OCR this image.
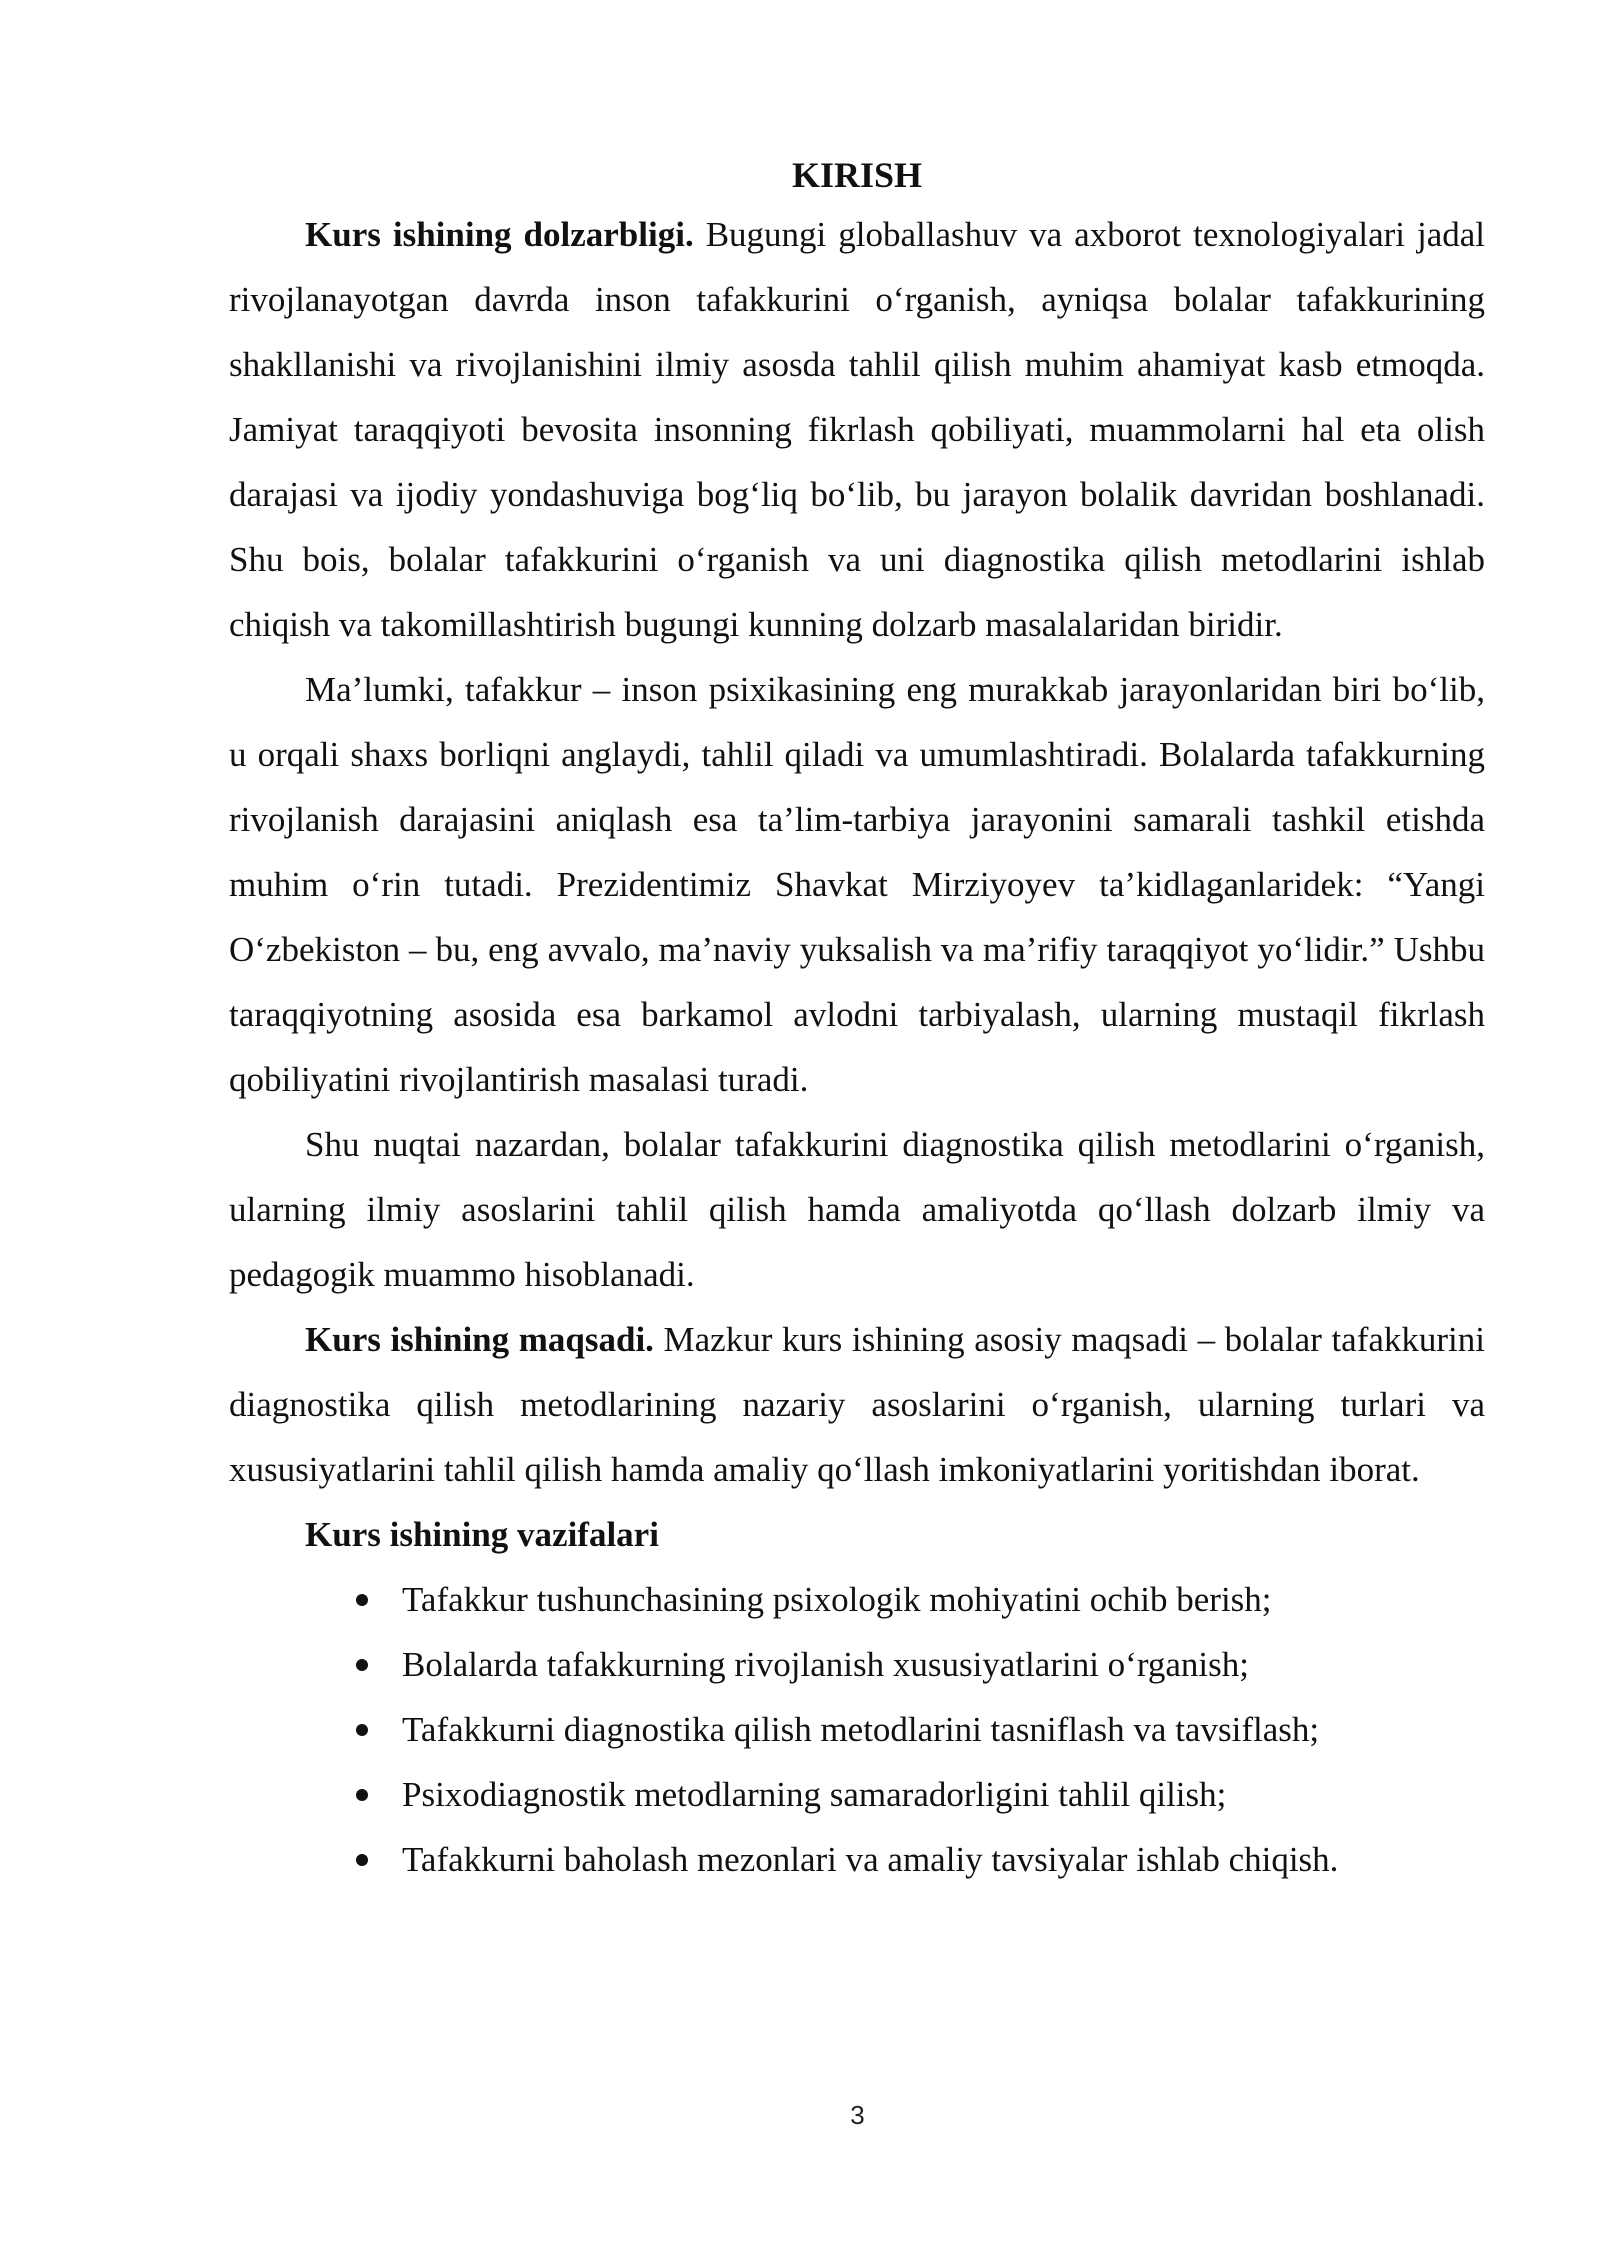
KIRISH

Kurs ishining dolzarbligi. Bugungi globallashuv va axborot texnologiyalari jadal rivojlanayotgan davrda inson tafakkurini o‘rganish, ayniqsa bolalar tafakkurining shakllanishi va rivojlanishini ilmiy asosda tahlil qilish muhim ahamiyat kasb etmoqda. Jamiyat taraqqiyoti bevosita insonning fikrlash qobiliyati, muammolarni hal eta olish darajasi va ijodiy yondashuviga bog‘liq bo‘lib, bu jarayon bolalik davridan boshlanadi. Shu bois, bolalar tafakkurini o‘rganish va uni diagnostika qilish metodlarini ishlab chiqish va takomillashtirish bugungi kunning dolzarb masalalaridan biridir.

Ma’lumki, tafakkur – inson psixikasining eng murakkab jarayonlaridan biri bo‘lib, u orqali shaxs borliqni anglaydi, tahlil qiladi va umumlashtiradi. Bolalarda tafakkurning rivojlanish darajasini aniqlash esa ta’lim-tarbiya jarayonini samarali tashkil etishda muhim o‘rin tutadi. Prezidentimiz Shavkat Mirziyoyev ta’kidlaganlaridek: “Yangi O‘zbekiston – bu, eng avvalo, ma’naviy yuksalish va ma’rifiy taraqqiyot yo‘lidir.” Ushbu taraqqiyotning asosida esa barkamol avlodni tarbiyalash, ularning mustaqil fikrlash qobiliyatini rivojlantirish masalasi turadi.

Shu nuqtai nazardan, bolalar tafakkurini diagnostika qilish metodlarini o‘rganish, ularning ilmiy asoslarini tahlil qilish hamda amaliyotda qo‘llash dolzarb ilmiy va pedagogik muammo hisoblanadi.

Kurs ishining maqsadi. Mazkur kurs ishining asosiy maqsadi – bolalar tafakkurini diagnostika qilish metodlarining nazariy asoslarini o‘rganish, ularning turlari va xususiyatlarini tahlil qilish hamda amaliy qo‘llash imkoniyatlarini yoritishdan iborat.

Kurs ishining vazifalari

Tafakkur tushunchasining psixologik mohiyatini ochib berish;
Bolalarda tafakkurning rivojlanish xususiyatlarini o‘rganish;
Tafakkurni diagnostika qilish metodlarini tasniflash va tavsiflash;
Psixodiagnostik metodlarning samaradorligini tahlil qilish;
Tafakkurni baholash mezonlari va amaliy tavsiyalar ishlab chiqish.
3
